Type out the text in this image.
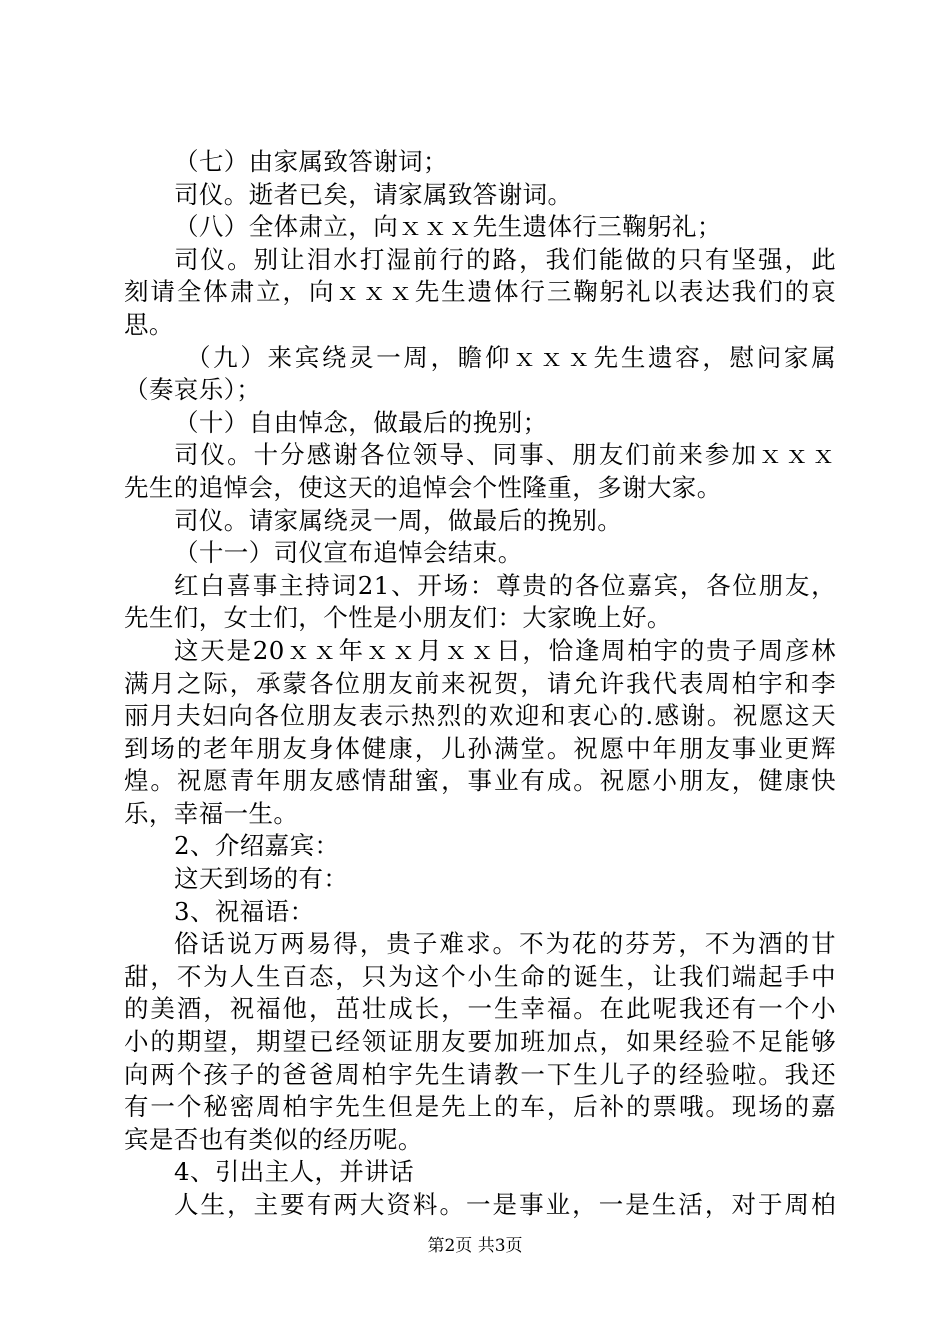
（七）由家属致答谢词；
司仪。逝者已矣，请家属致答谢词。
（八）全体肃立，向ｘｘｘ先生遗体行三鞠躬礼；
司仪。别让泪水打湿前行的路，我们能做的只有坚强，此
刻请全体肃立，向ｘｘｘ先生遗体行三鞠躬礼以表达我们的哀
思。
（九）来宾绕灵一周，瞻仰ｘｘｘ先生遗容，慰问家属
（奏哀乐）；
（十）自由悼念，做最后的挽别；
司仪。十分感谢各位领导、同事、朋友们前来参加ｘｘｘ
先生的追悼会，使这天的追悼会个性隆重，多谢大家。
司仪。请家属绕灵一周，做最后的挽别。
（十一）司仪宣布追悼会结束。
红白喜事主持词21、开场：尊贵的各位嘉宾，各位朋友，
先生们，女士们，个性是小朋友们：大家晚上好。
这天是20ｘｘ年ｘｘ月ｘｘ日，恰逢周柏宇的贵子周彦林
满月之际，承蒙各位朋友前来祝贺，请允许我代表周柏宇和李
丽月夫妇向各位朋友表示热烈的欢迎和衷心的.感谢。祝愿这天
到场的老年朋友身体健康，儿孙满堂。祝愿中年朋友事业更辉
煌。祝愿青年朋友感情甜蜜，事业有成。祝愿小朋友，健康快
乐，幸福一生。
2、介绍嘉宾：
这天到场的有：
3、祝福语：
俗话说万两易得，贵子难求。不为花的芬芳，不为酒的甘
甜，不为人生百态，只为这个小生命的诞生，让我们端起手中
的美酒，祝福他，茁壮成长，一生幸福。在此呢我还有一个小
小的期望，期望已经领证朋友要加班加点，如果经验不足能够
向两个孩子的爸爸周柏宇先生请教一下生儿子的经验啦。我还
有一个秘密周柏宇先生但是先上的车，后补的票哦。现场的嘉
宾是否也有类似的经历呢。
4、引出主人，并讲话
人生，主要有两大资料。一是事业，一是生活，对于周柏
第2页 共3页
